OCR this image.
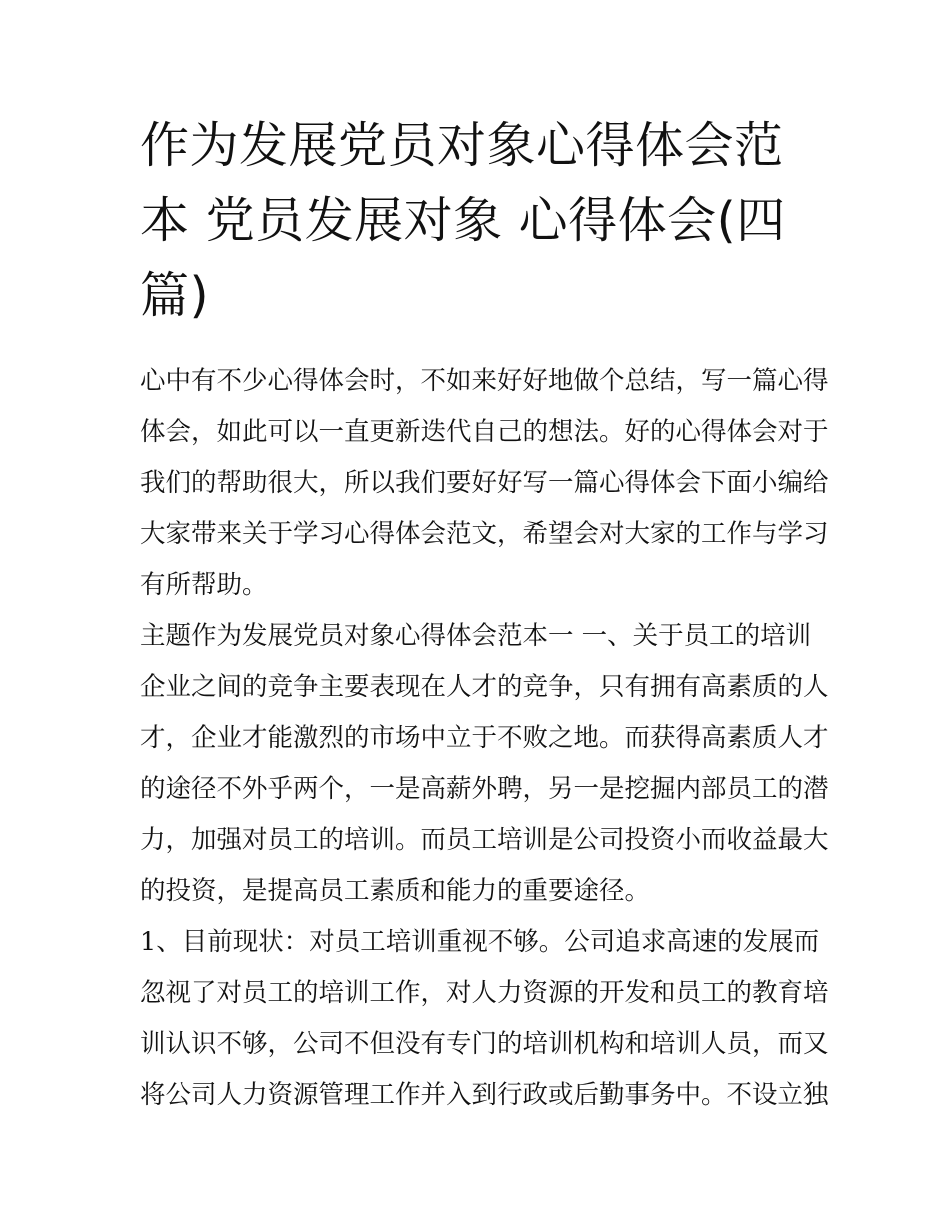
作为发展党员对象心得体会范
本 党员发展对象 心得体会(四
篇)

心中有不少心得体会时，不如来好好地做个总结，写一篇心得
体会，如此可以一直更新迭代自己的想法。好的心得体会对于
我们的帮助很大，所以我们要好好写一篇心得体会下面小编给
大家带来关于学习心得体会范文，希望会对大家的工作与学习
有所帮助。

主题作为发展党员对象心得体会范本一 一、关于员工的培训
企业之间的竞争主要表现在人才的竞争，只有拥有高素质的人
才，企业才能激烈的市场中立于不败之地。而获得高素质人才
的途径不外乎两个，一是高薪外聘，另一是挖掘内部员工的潜
力，加强对员工的培训。而员工培训是公司投资小而收益最大
的投资，是提高员工素质和能力的重要途径。

1、目前现状：对员工培训重视不够。公司追求高速的发展而
忽视了对员工的培训工作，对人力资源的开发和员工的教育培
训认识不够，公司不但没有专门的培训机构和培训人员，而又
将公司人力资源管理工作并入到行政或后勤事务中。不设立独
